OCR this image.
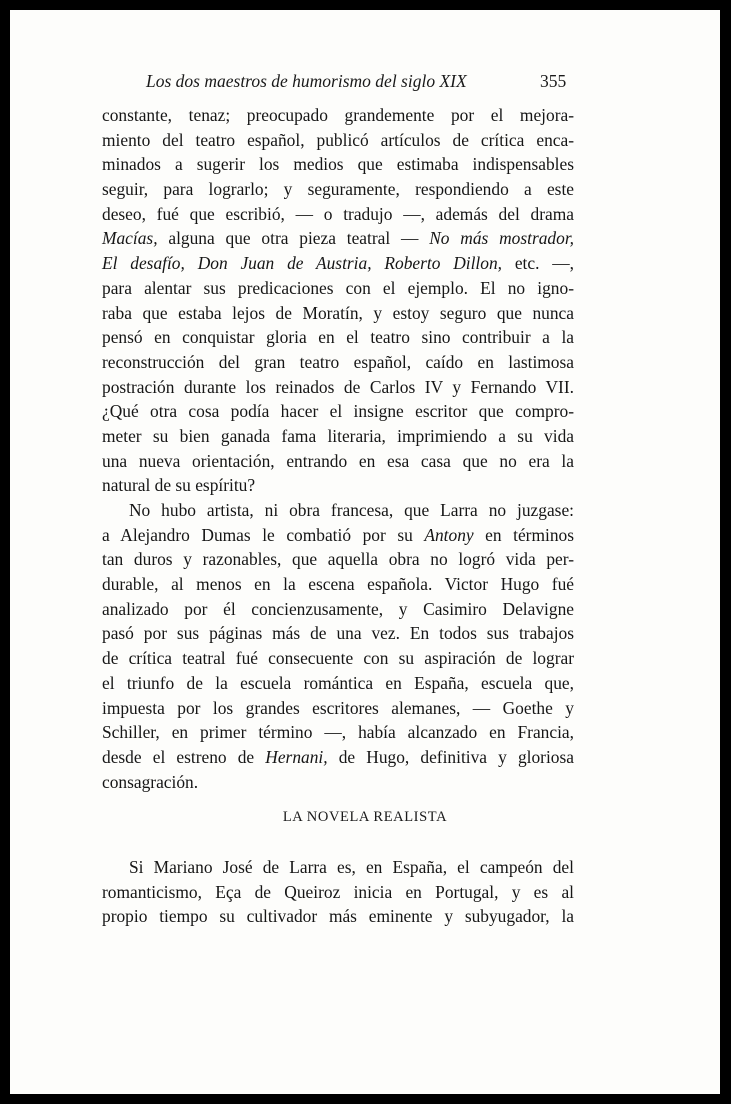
Los dos maestros de humorismo del siglo XIX	355
constante, tenaz; preocupado grandemente por el mejora-
miento del teatro español, publicó artículos de crítica enca-
minados a sugerir los medios que estimaba indispensables
seguir, para lograrlo; y seguramente, respondiendo a este
deseo, fué que escribió, — o tradujo —, además del drama
Macías, alguna que otra pieza teatral — No más mostrador,
El desafío, Don Juan de Austria, Roberto Dillon, etc. —,
para alentar sus predicaciones con el ejemplo. El no igno-
raba que estaba lejos de Moratín, y estoy seguro que nunca
pensó en conquistar gloria en el teatro sino contribuir a la
reconstrucción del gran teatro español, caído en lastimosa
postración durante los reinados de Carlos IV y Fernando VII.
¿Qué otra cosa podía hacer el insigne escritor que compro-
meter su bien ganada fama literaria, imprimiendo a su vida
una nueva orientación, entrando en esa casa que no era la
natural de su espíritu?
No hubo artista, ni obra francesa, que Larra no juzgase:
a Alejandro Dumas le combatió por su Antony en términos
tan duros y razonables, que aquella obra no logró vida per-
durable, al menos en la escena española. Victor Hugo fué
analizado por él concienzusamente, y Casimiro Delavigne
pasó por sus páginas más de una vez. En todos sus trabajos
de crítica teatral fué consecuente con su aspiración de lograr
el triunfo de la escuela romántica en España, escuela que,
impuesta por los grandes escritores alemanes, — Goethe y
Schiller, en primer término —, había alcanzado en Francia,
desde el estreno de Hernani, de Hugo, definitiva y gloriosa
consagración.
LA NOVELA REALISTA
Si Mariano José de Larra es, en España, el campeón del
romanticismo, Eça de Queiroz inicia en Portugal, y es al
propio tiempo su cultivador más eminente y subyugador, la
